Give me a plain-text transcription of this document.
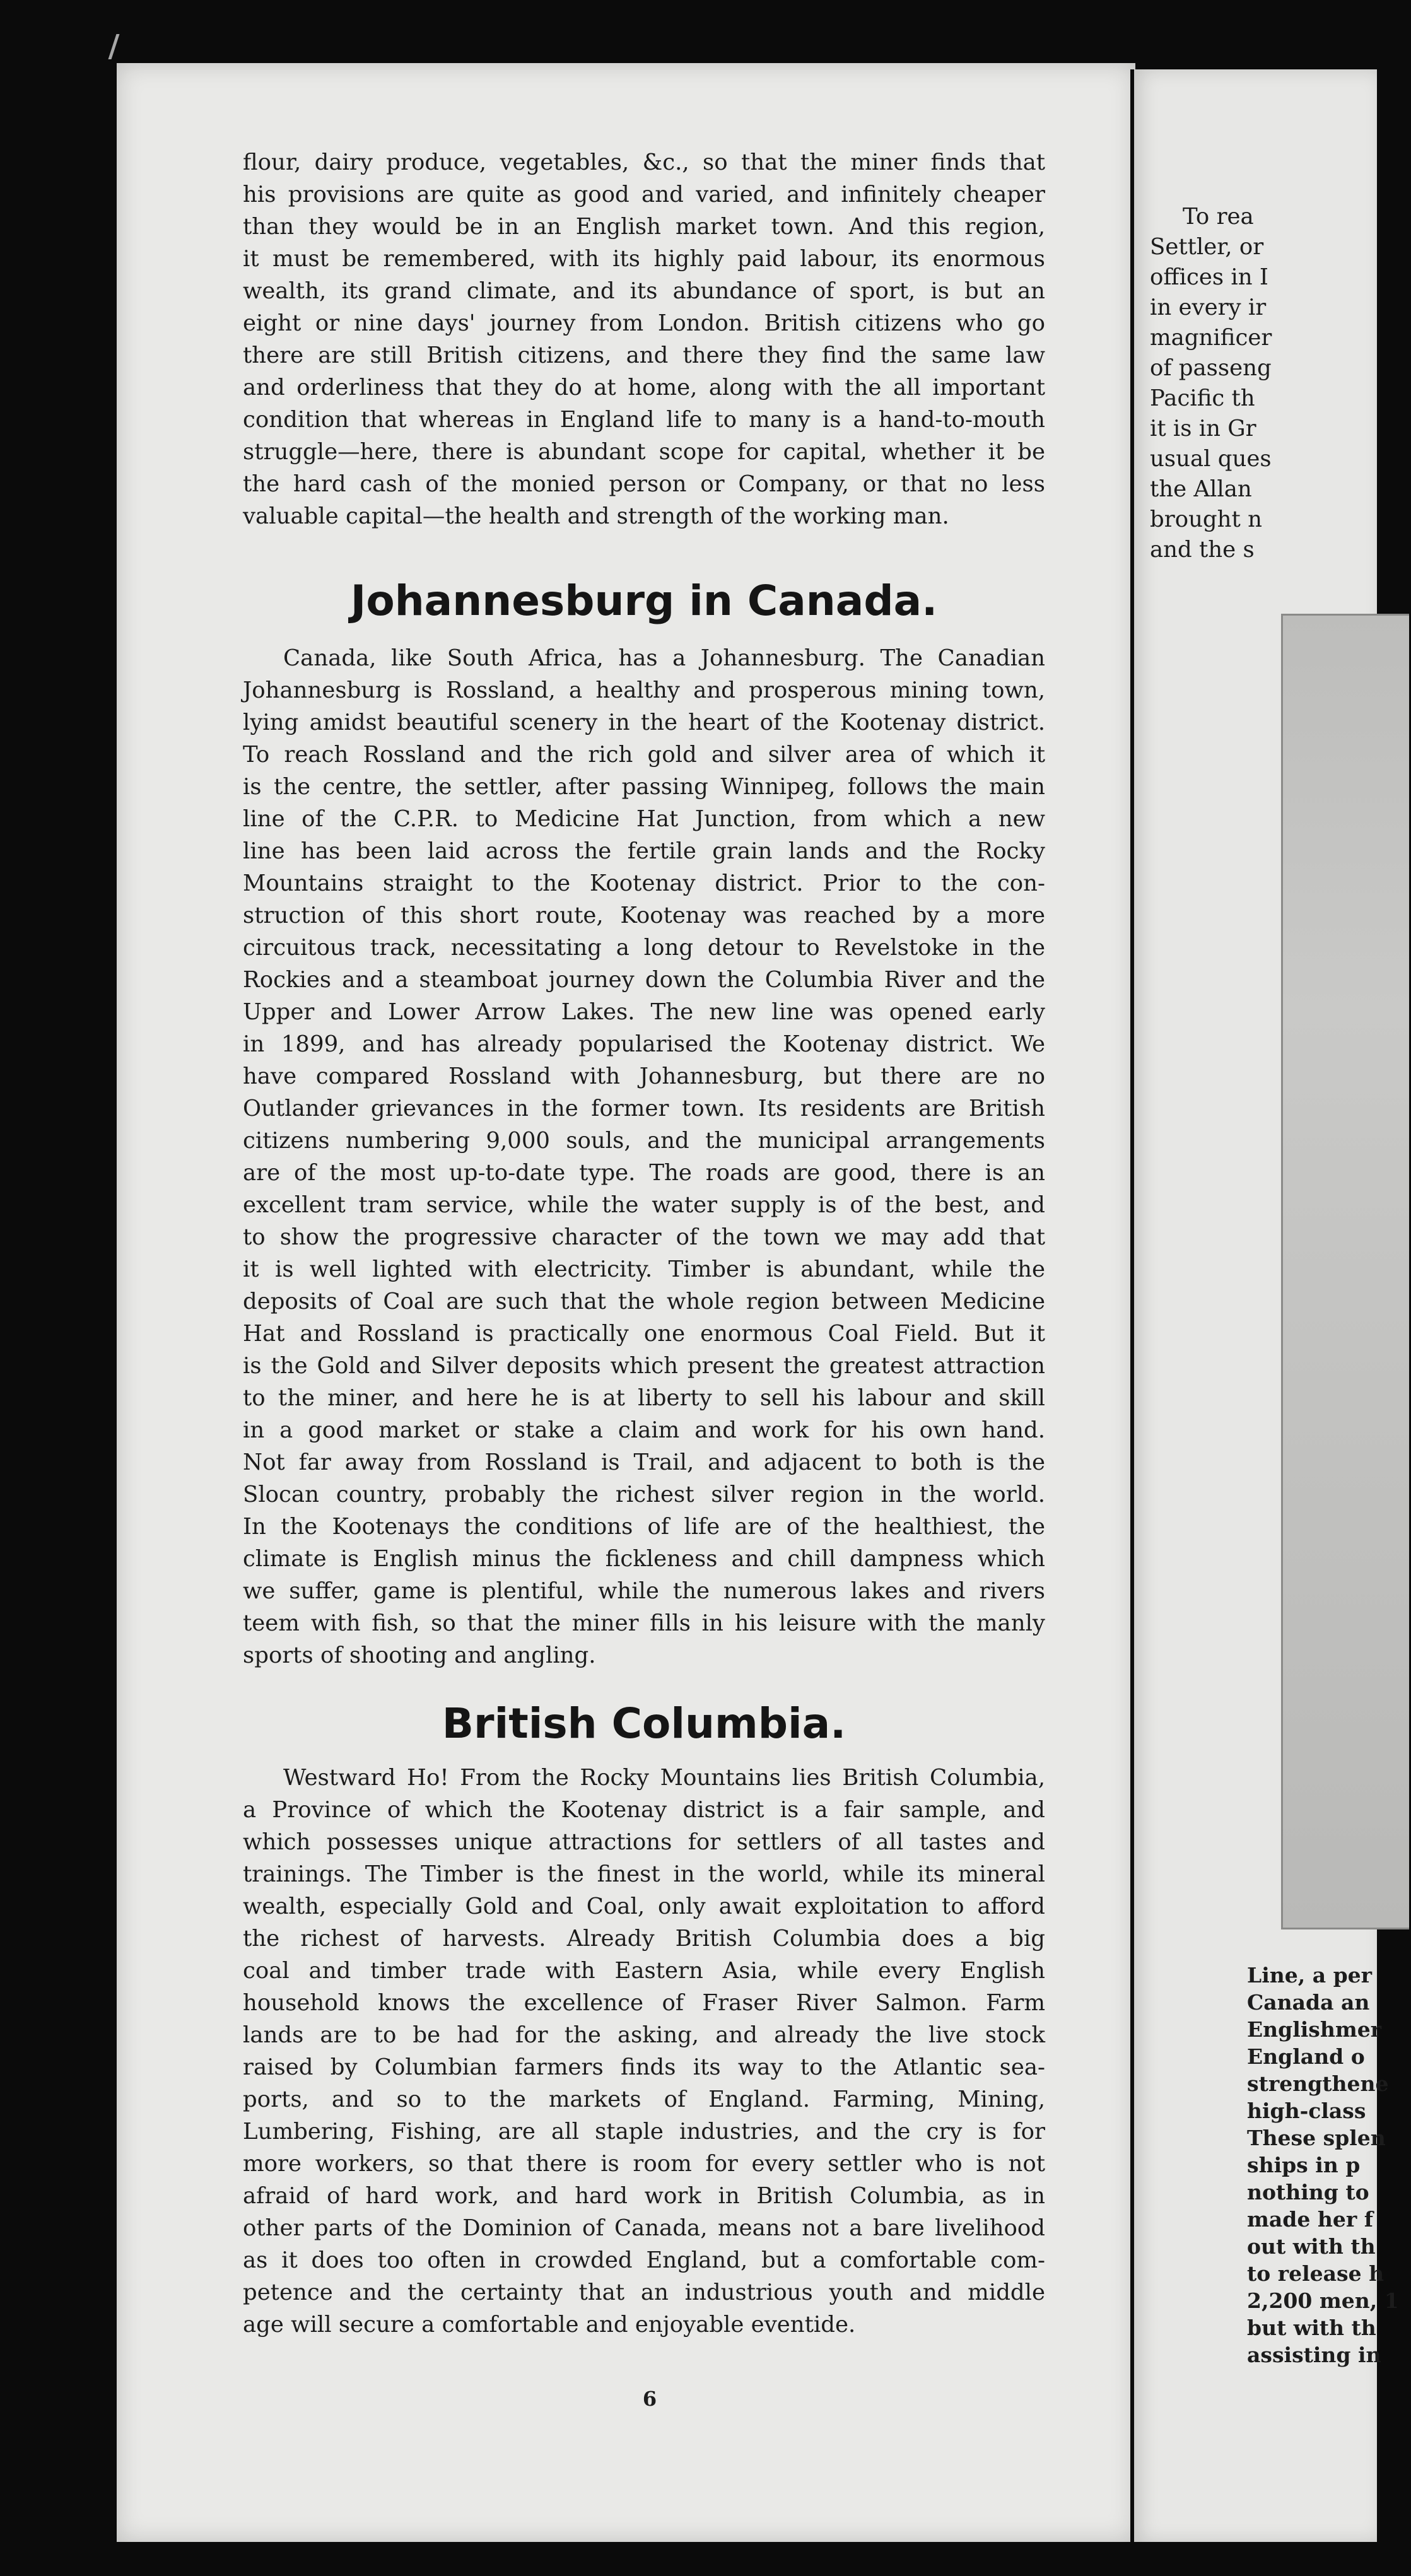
flour, dairy produce, vegetables, &c., so that the miner finds that

his provisions are quite as good and varied, and infinitely cheaper

than they would be in an English market town. And this region,

it must be remembered, with its highly paid labour, its enormous

wealth, its grand climate, and its abundance of sport, is but an

eight or nine days' journey from London. British citizens who go

there are still British citizens, and there they find the same law

and orderliness that they do at home, along with the all important

condition that whereas in England life to many is a hand-to-mouth

struggle—here, there is abundant scope for capital, whether it be

the hard cash of the monied person or Company, or that no less

valuable capital—the health and strength of the working man.

Johannesburg in Canada.

Canada, like South Africa, has a Johannesburg. The Canadian

Johannesburg is Rossland, a healthy and prosperous mining town,

lying amidst beautiful scenery in the heart of the Kootenay district.

To reach Rossland and the rich gold and silver area of which it

is the centre, the settler, after passing Winnipeg, follows the main

line of the C.P.R. to Medicine Hat Junction, from which a new

line has been laid across the fertile grain lands and the Rocky

Mountains straight to the Kootenay district. Prior to the con-

struction of this short route, Kootenay was reached by a more

circuitous track, necessitating a long detour to Revelstoke in the

Rockies and a steamboat journey down the Columbia River and the

Upper and Lower Arrow Lakes. The new line was opened early

in 1899, and has already popularised the Kootenay district. We

have compared Rossland with Johannesburg, but there are no

Outlander grievances in the former town. Its residents are British

citizens numbering 9,000 souls, and the municipal arrangements

are of the most up-to-date type. The roads are good, there is an

excellent tram service, while the water supply is of the best, and

to show the progressive character of the town we may add that

it is well lighted with electricity. Timber is abundant, while the

deposits of Coal are such that the whole region between Medicine

Hat and Rossland is practically one enormous Coal Field. But it

is the Gold and Silver deposits which present the greatest attraction

to the miner, and here he is at liberty to sell his labour and skill

in a good market or stake a claim and work for his own hand.

Not far away from Rossland is Trail, and adjacent to both is the

Slocan country, probably the richest silver region in the world.

In the Kootenays the conditions of life are of the healthiest, the

climate is English minus the fickleness and chill dampness which

we suffer, game is plentiful, while the numerous lakes and rivers

teem with fish, so that the miner fills in his leisure with the manly

sports of shooting and angling.

British Columbia.

Westward Ho! From the Rocky Mountains lies British Columbia,

a Province of which the Kootenay district is a fair sample, and

which possesses unique attractions for settlers of all tastes and

trainings. The Timber is the finest in the world, while its mineral

wealth, especially Gold and Coal, only await exploitation to afford

the richest of harvests. Already British Columbia does a big

coal and timber trade with Eastern Asia, while every English

household knows the excellence of Fraser River Salmon. Farm

lands are to be had for the asking, and already the live stock

raised by Columbian farmers finds its way to the Atlantic sea-

ports, and so to the markets of England. Farming, Mining,

Lumbering, Fishing, are all staple industries, and the cry is for

more workers, so that there is room for every settler who is not

afraid of hard work, and hard work in British Columbia, as in

other parts of the Dominion of Canada, means not a bare livelihood

as it does too often in crowded England, but a comfortable com-

petence and the certainty that an industrious youth and middle

age will secure a comfortable and enjoyable eventide.

6
To rea
Settler, or
offices in I
in every ir
magnificer
of passeng
Pacific th
it is in Gr
usual ques
the Allan
brought n
and the s
Line, a per
Canada an
Englishmer
England o
strengthene
high-class
These splen
ships in p
nothing to
made her f
out with th
to release h
2,200 men, 1
but with th
assisting in
